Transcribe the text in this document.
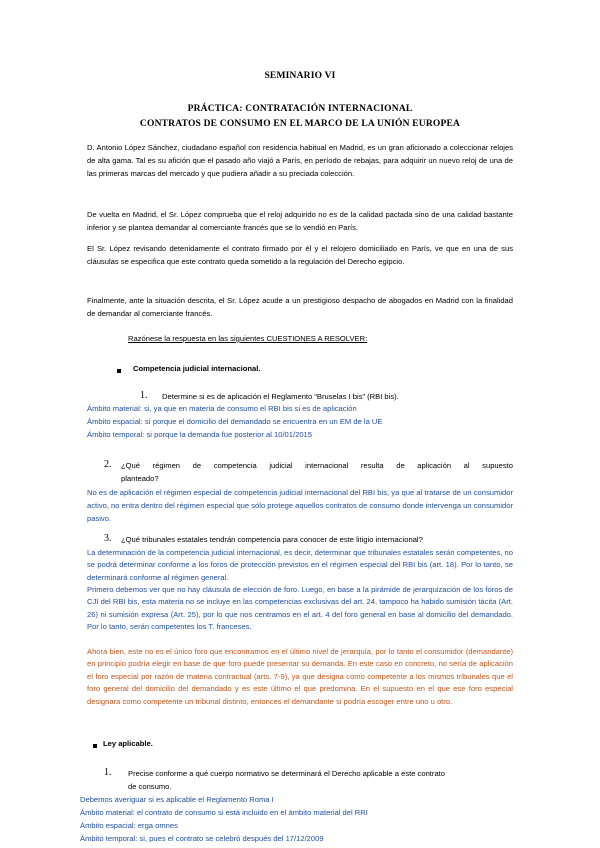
SEMINARIO VI
PRÁCTICA: CONTRATACIÓN INTERNACIONAL
CONTRATOS DE CONSUMO EN EL MARCO DE LA UNIÓN EUROPEA

D. Antonio López Sánchez, ciudadano español con residencia habitual en Madrid, es un gran aficionado a coleccionar relojes de alta gama. Tal es su afición que el pasado año viajó a París, en período de rebajas, para adquirir un nuevo reloj de una de las primeras marcas del mercado y que pudiera añadir a su preciada colección.

De vuelta en Madrid, el Sr. López comprueba que el reloj adquirido no es de la calidad pactada sino de una calidad bastante inferior y se plantea demandar al comerciante francés que se lo vendió en París.

El Sr. López revisando detenidamente el contrato firmado por él y el relojero domiciliado en París, ve que en una de sus cláusulas se especifica que este contrato queda sometido a la regulación del Derecho egipcio.

Finalmente, ante la situación descrita, el Sr. López acude a un prestigioso despacho de abogados en Madrid con la finalidad de demandar al comerciante francés.

Razónese la respuesta en las siguientes CUESTIONES A RESOLVER:

Competencia judicial internacional.

1. Determine si es de aplicación el Reglamento “Bruselas I bis” (RBI bis).

Ámbito material: si, ya que en materia de consumo el RBI bis si es de aplicación

Ámbito espacial: sí porque el domicilio del demandado se encuentra en un EM de la UE

Ámbito temporal: si porque la demanda fue posterior al 10/01/2015

2. ¿Qué régimen de competencia judicial internacional resulta de aplicación al supuesto

planteado?

No es de aplicación el régimen especial de competencia judicial internacional del RBI bis, ya que al tratarse de un consumidor activo, no entra dentro del régimen especial que sólo protege aquellos contratos de consumo donde intervenga un consumidor pasivo.

3. ¿Qué tribunales estatales tendrán competencia para conocer de este litigio internacional?

La determinación de la competencia judicial internacional, es decir, determinar que tribunales estatales serán competentes, no se podrá determinar conforme a los foros de protección previstos en el régimen especial del RBI bis (art. 18). Por lo tanto, se determinará conforme al régimen general.

Primero debemos ver que no hay cláusula de elección de foro. Luego, en base a la pirámide de jerarquización de los foros de CJI del RBI bis, esta materia no se incluye en las competencias exclusivas del art. 24, tampoco ha habido sumisión tácita (Art. 26) ni sumisión expresa (Art. 25), por lo que nos centramos en el art. 4 del foro general en base al domicilio del demandado. Por lo tanto, serán competentes los T. franceses.

Ahora bien, este no es el único foro que encontramos en el último nivel de jerarquía, por lo tanto el consumidor (demandante) en principio podría elegir en base de que foro puede presentar su demanda. En este caso en concreto, no sería de aplicación el foro especial por razón de materia contractual (arts. 7-9), ya que designa como competente a los mismos tribunales que el foro general del domicilio del demandado y es este último el que predomina. En el supuesto en el que ese foro especial designara como competente un tribunal distinto, entonces el demandante si podría escoger entre uno u otro.

Ley aplicable.

1. Precise conforme a qué cuerpo normativo se determinará el Derecho aplicable a este contrato

de consumo.

Debemos averiguar si es aplicable el Reglamento Roma I

Ámbito material: el contrato de consumo si está incluido en el ámbito material del RRI

Ámbito espacial: erga omnes

Ámbito temporal: si, pues el contrato se celebró después del 17/12/2009
